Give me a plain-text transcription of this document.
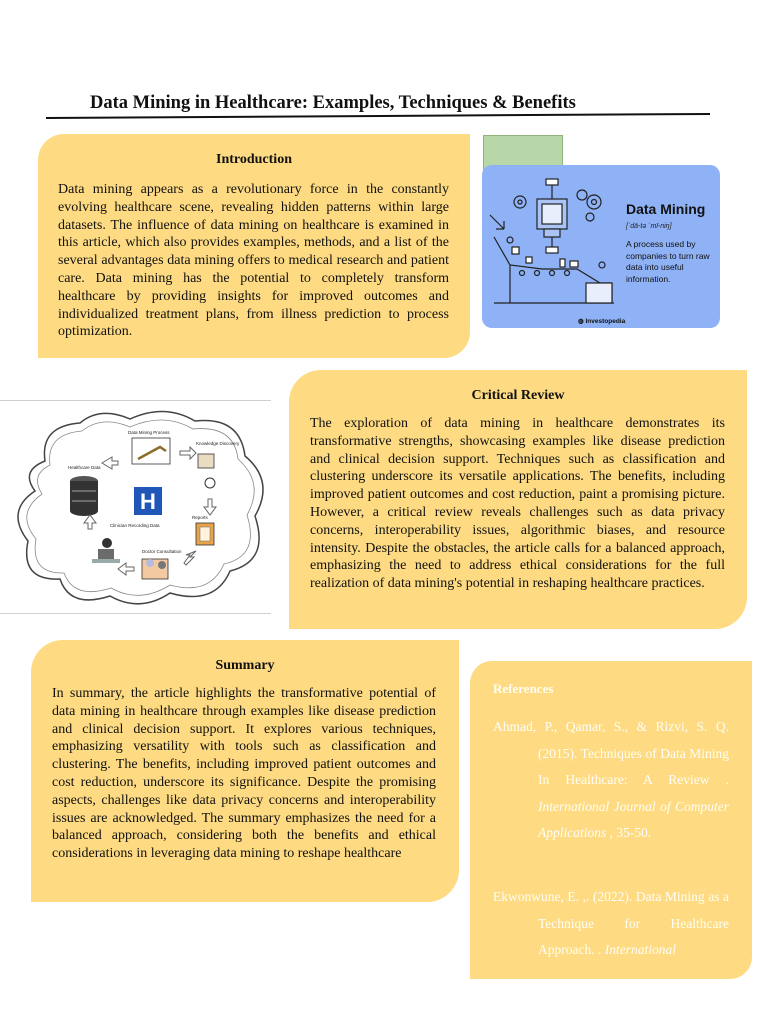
Data Mining in Healthcare: Examples, Techniques & Benefits
Introduction

Data mining appears as a revolutionary force in the constantly evolving healthcare scene, revealing hidden patterns within large datasets. The influence of data mining on healthcare is examined in this article, which also provides examples, methods, and a list of the several advantages data mining offers to medical research and patient care. Data mining has the potential to completely transform healthcare by providing insights for improved outcomes and individualized treatment plans, from illness prediction to process optimization.

Data Mining
[ˈdā-tə ˈmī-niŋ]
A process used by companies to turn raw data into useful information.
◍ Investopedia
H
Data Mining Process
Knowledge Discovery
Reports
Doctor Consultation
Clinician Recording Data
Healthcare Data
Critical Review

The exploration of data mining in healthcare demonstrates its transformative strengths, showcasing examples like disease prediction and clinical decision support. Techniques such as classification and clustering underscore its versatile applications. The benefits, including improved patient outcomes and cost reduction, paint a promising picture. However, a critical review reveals challenges such as data privacy concerns, interoperability issues, algorithmic biases, and resource intensity. Despite the obstacles, the article calls for a balanced approach, emphasizing the need to address ethical considerations for the full realization of data mining's potential in reshaping healthcare practices.

Summary

In summary, the article highlights the transformative potential of data mining in healthcare through examples like disease prediction and clinical decision support. It explores various techniques, emphasizing versatility with tools such as classification and clustering. The benefits, including improved patient outcomes and cost reduction, underscore its significance. Despite the promising aspects, challenges like data privacy concerns and interoperability issues are acknowledged. The summary emphasizes the need for a balanced approach, considering both the benefits and ethical considerations in leveraging data mining to reshape healthcare

References
Ahmad, P., Qamar, S., & Rizvi, S. Q. (2015). Techniques of Data Mining In Healthcare: A Review . International Journal of Computer Applications , 35-50.
Ekwonwune, E. ,. (2022). Data Mining as a Technique for Healthcare Approach. . International
